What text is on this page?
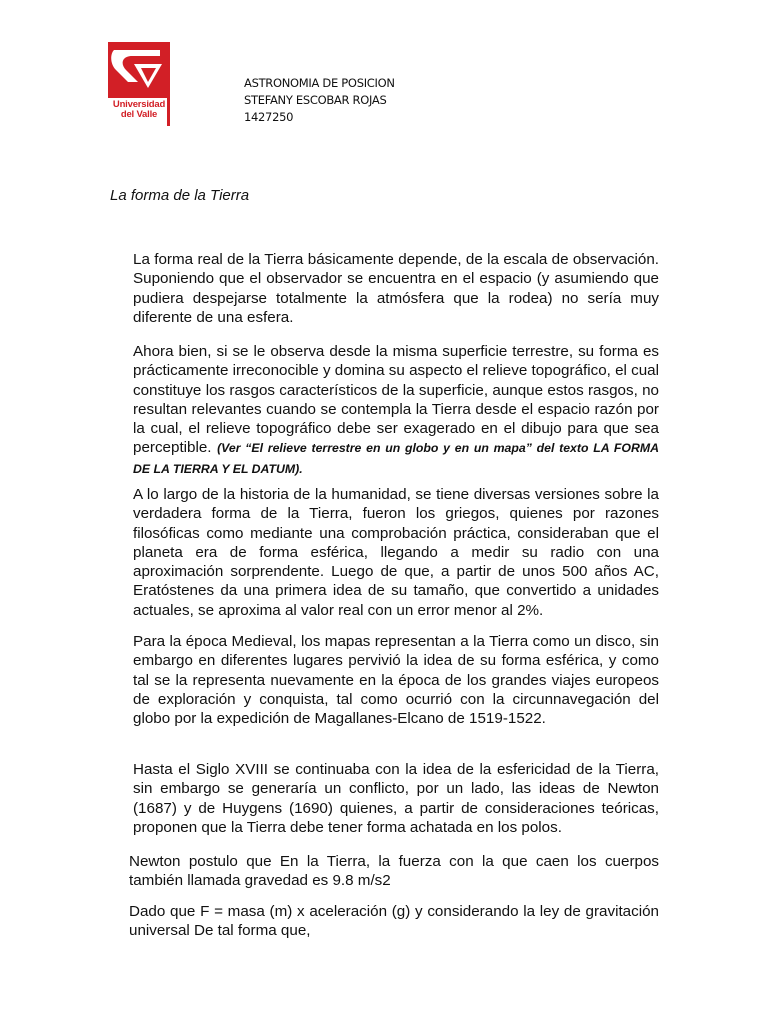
Universidad
del Valle
ASTRONOMIA DE POSICION
STEFANY ESCOBAR ROJAS
1427250
La forma de la Tierra
La forma real de la Tierra básicamente depende, de la escala de observación. Suponiendo que el observador se encuentra en el espacio (y asumiendo que pudiera despejarse totalmente la atmósfera que la rodea) no sería muy diferente de una esfera.
Ahora bien, si se le observa desde la misma superficie terrestre, su forma es prácticamente irreconocible y domina su aspecto el relieve topográfico, el cual constituye los rasgos característicos de la superficie, aunque estos rasgos, no resultan relevantes cuando se contempla la Tierra desde el espacio razón por la cual, el relieve topográfico debe ser exagerado en el dibujo para que sea perceptible. (Ver “El relieve terrestre en un globo y en un mapa” del texto LA FORMA DE LA TIERRA Y EL DATUM).
A lo largo de la historia de la humanidad, se tiene diversas versiones sobre la verdadera forma de la Tierra, fueron los griegos, quienes por razones filosóficas como mediante una comprobación práctica, consideraban que el planeta era de forma esférica, llegando a medir su radio con una aproximación sorprendente. Luego de que, a partir de unos 500 años AC, Eratóstenes da una primera idea de su tamaño, que convertido a unidades actuales, se aproxima al valor real con un error menor al 2%.
Para la época Medieval, los mapas representan a la Tierra como un disco, sin embargo en diferentes lugares pervivió la idea de su forma esférica, y como tal se la representa nuevamente en la época de los grandes viajes europeos de exploración y conquista, tal como ocurrió con la circunnavegación del globo por la expedición de Magallanes-Elcano de 1519-1522.
Hasta el Siglo XVIII se continuaba con la idea de la esfericidad de la Tierra, sin embargo se generaría un conflicto, por un lado, las ideas de Newton (1687) y de Huygens (1690) quienes, a partir de consideraciones teóricas, proponen que la Tierra debe tener forma achatada en los polos.
Newton postulo que En la Tierra, la fuerza con la que caen los cuerpos también llamada gravedad es 9.8 m/s2
Dado que F = masa (m) x aceleración (g) y considerando la ley de gravitación universal De tal forma que,
